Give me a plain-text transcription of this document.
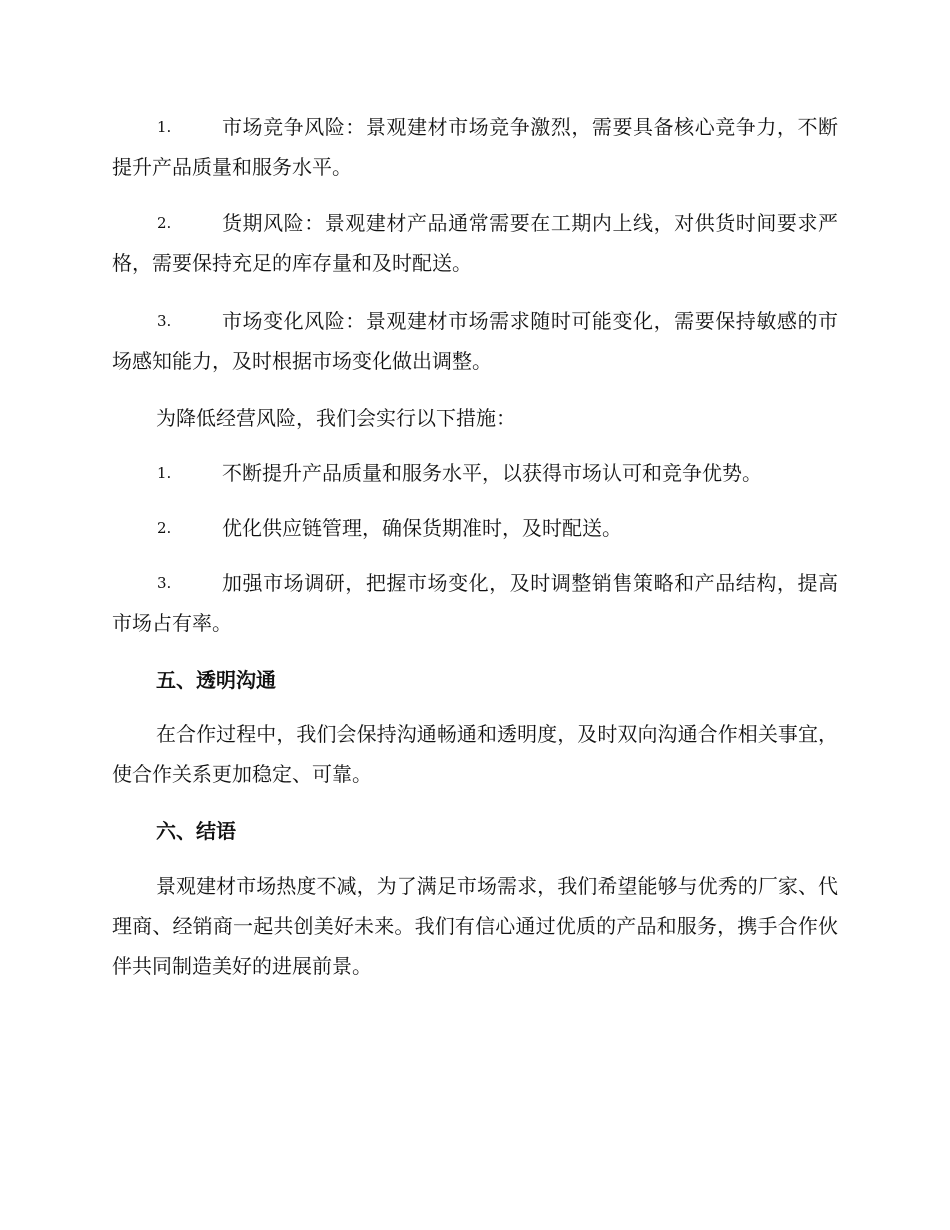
1.	市场竞争风险：景观建材市场竞争激烈，需要具备核心竞争力，不断提升产品质量和服务水平。
2.	货期风险：景观建材产品通常需要在工期内上线，对供货时间要求严格，需要保持充足的库存量和及时配送。
3.	市场变化风险：景观建材市场需求随时可能变化，需要保持敏感的市场感知能力，及时根据市场变化做出调整。
为降低经营风险，我们会实行以下措施：
1.	不断提升产品质量和服务水平，以获得市场认可和竞争优势。
2.	优化供应链管理，确保货期准时，及时配送。
3.	加强市场调研，把握市场变化，及时调整销售策略和产品结构，提高市场占有率。
五、透明沟通
在合作过程中，我们会保持沟通畅通和透明度，及时双向沟通合作相关事宜，使合作关系更加稳定、可靠。
六、结语
景观建材市场热度不减，为了满足市场需求，我们希望能够与优秀的厂家、代理商、经销商一起共创美好未来。我们有信心通过优质的产品和服务，携手合作伙伴共同制造美好的进展前景。
